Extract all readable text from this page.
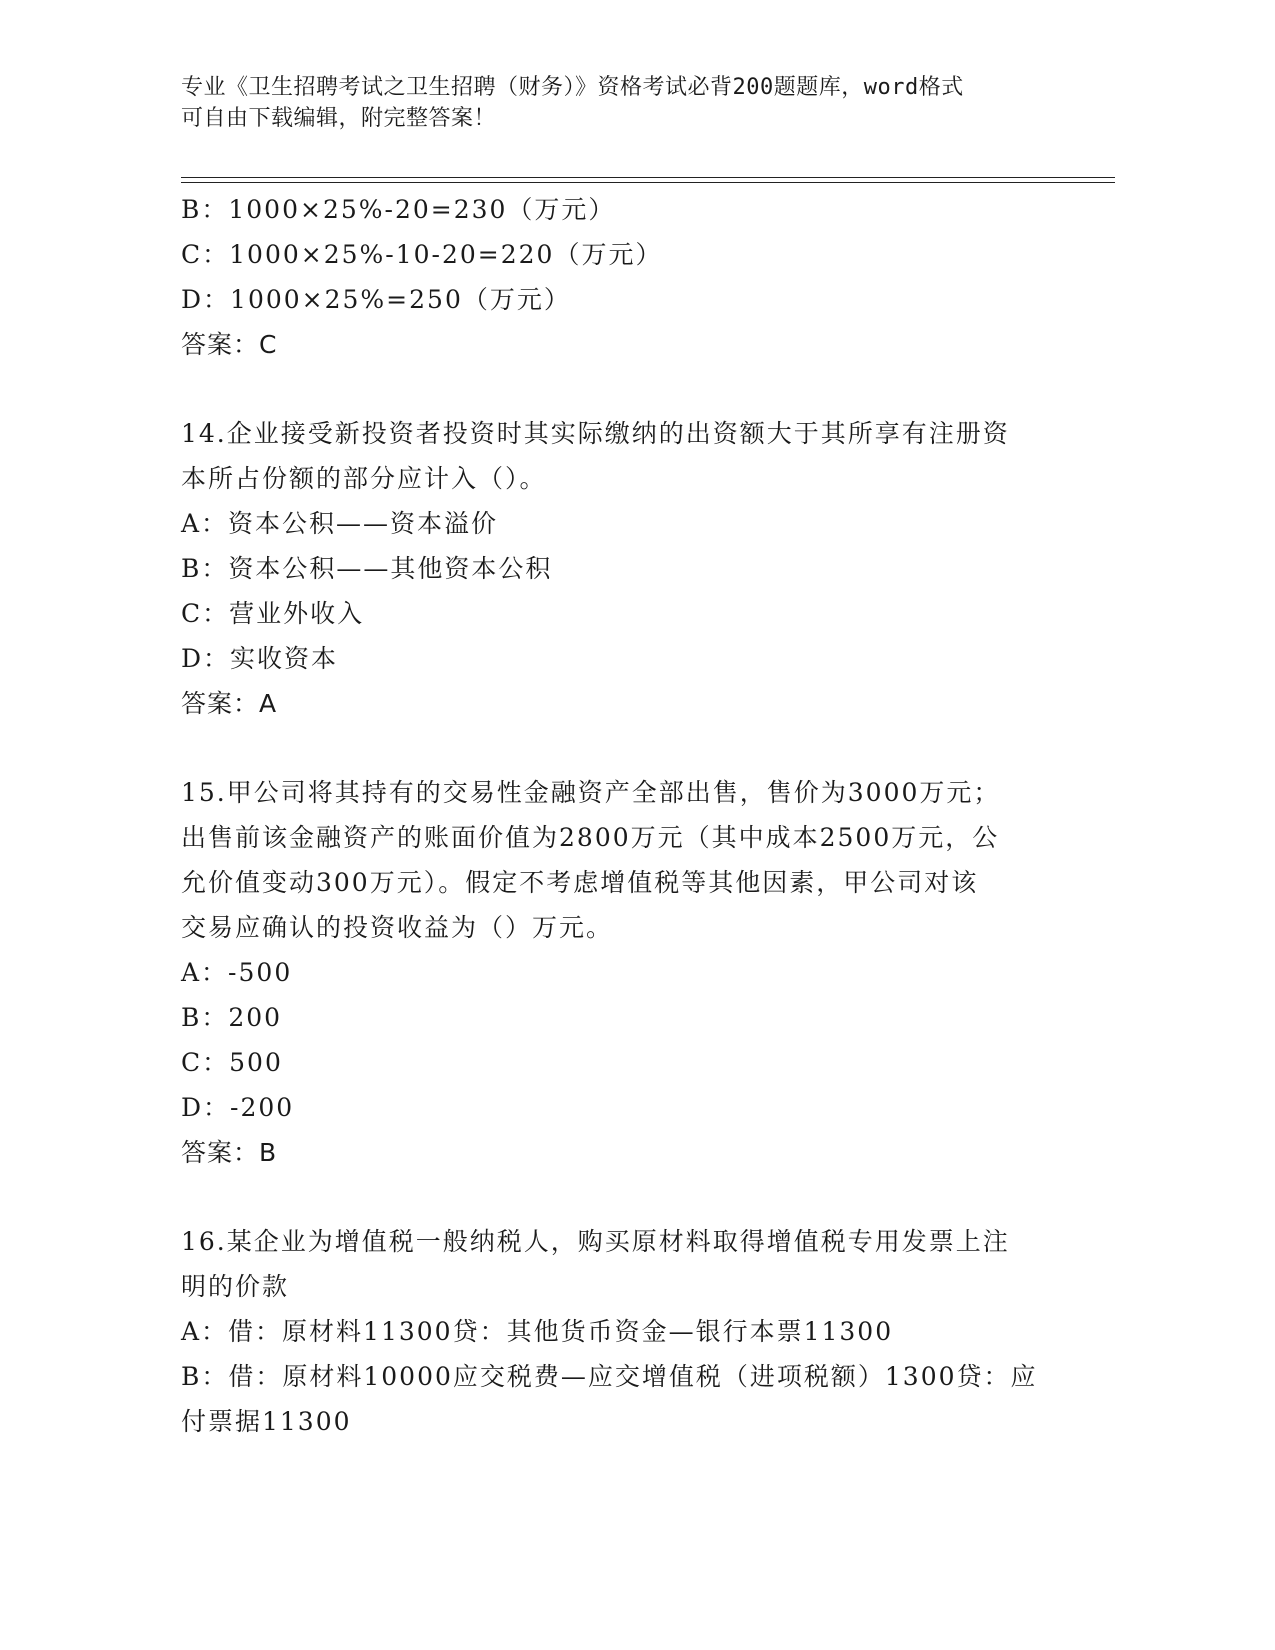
专业《卫生招聘考试之卫生招聘（财务）》资格考试必背200题题库，word格式
可自由下载编辑，附完整答案！
B：1000×25%-20=230（万元）
C：1000×25%-10-20=220（万元）
D：1000×25%=250（万元）
答案：C
14.企业接受新投资者投资时其实际缴纳的出资额大于其所享有注册资
本所占份额的部分应计入（）。
A：资本公积——资本溢价
B：资本公积——其他资本公积
C：营业外收入
D：实收资本
答案：A
15.甲公司将其持有的交易性金融资产全部出售，售价为3000万元；
出售前该金融资产的账面价值为2800万元（其中成本2500万元，公
允价值变动300万元）。假定不考虑增值税等其他因素，甲公司对该
交易应确认的投资收益为（）万元。
A：-500
B：200
C：500
D：-200
答案：B
16.某企业为增值税一般纳税人，购买原材料取得增值税专用发票上注
明的价款
A：借：原材料11300贷：其他货币资金—银行本票11300
B：借：原材料10000应交税费—应交增值税（进项税额）1300贷：应
付票据11300
